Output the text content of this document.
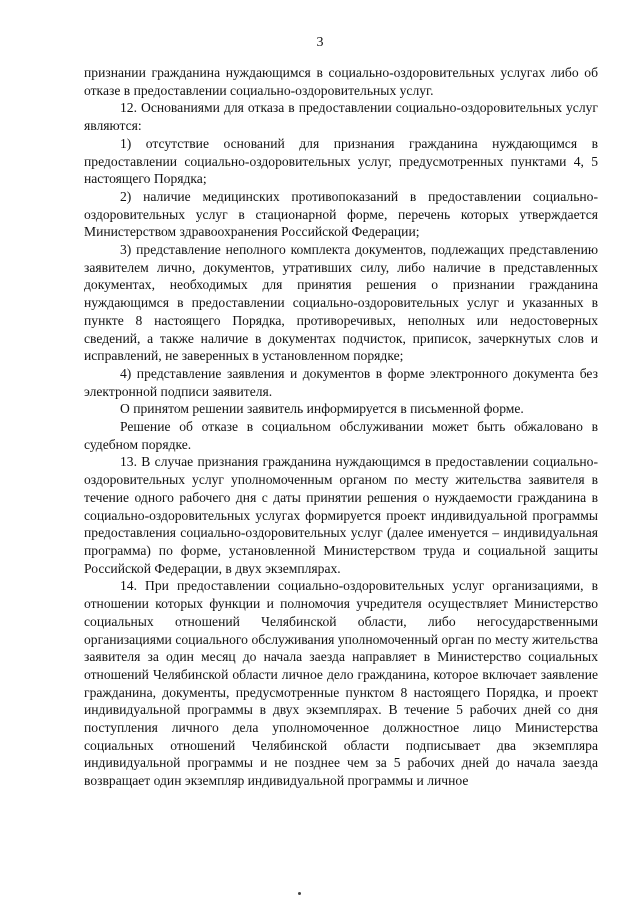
3

признании гражданина нуждающимся в социально-оздоровительных услугах либо об отказе в предоставлении социально-оздоровительных услуг.

12. Основаниями для отказа в предоставлении социально-оздоровительных услуг являются:

1) отсутствие оснований для признания гражданина нуждающимся в предоставлении социально-оздоровительных услуг, предусмотренных пунктами 4, 5 настоящего Порядка;

2) наличие медицинских противопоказаний в предоставлении социально-оздоровительных услуг в стационарной форме, перечень которых утверждается Министерством здравоохранения Российской Федерации;

3) представление неполного комплекта документов, подлежащих представлению заявителем лично, документов, утративших силу, либо наличие в представленных документах, необходимых для принятия решения о признании гражданина нуждающимся в предоставлении социально-оздоровительных услуг и указанных в пункте 8 настоящего Порядка, противоречивых, неполных или недостоверных сведений, а также наличие в документах подчисток, приписок, зачеркнутых слов и исправлений, не заверенных в установленном порядке;

4) представление заявления и документов в форме электронного документа без электронной подписи заявителя.

О принятом решении заявитель информируется в письменной форме.

Решение об отказе в социальном обслуживании может быть обжаловано в судебном порядке.

13. В случае признания гражданина нуждающимся в предоставлении социально-оздоровительных услуг уполномоченным органом по месту жительства заявителя в течение одного рабочего дня с даты принятии решения о нуждаемости гражданина в социально-оздоровительных услугах формируется проект индивидуальной программы предоставления социально-оздоровительных услуг (далее именуется – индивидуальная программа) по форме, установленной Министерством труда и социальной защиты Российской Федерации, в двух экземплярах.

14. При предоставлении социально-оздоровительных услуг организациями, в отношении которых функции и полномочия учредителя осуществляет Министерство социальных отношений Челябинской области, либо негосударственными организациями социального обслуживания уполномоченный орган по месту жительства заявителя за один месяц до начала заезда направляет в Министерство социальных отношений Челябинской области личное дело гражданина, которое включает заявление гражданина, документы, предусмотренные пунктом 8 настоящего Порядка, и проект индивидуальной программы в двух экземплярах. В течение 5 рабочих дней со дня поступления личного дела уполномоченное должностное лицо Министерства социальных отношений Челябинской области подписывает два экземпляра индивидуальной программы и не позднее чем за 5 рабочих дней до начала заезда возвращает один экземпляр индивидуальной программы и личное
